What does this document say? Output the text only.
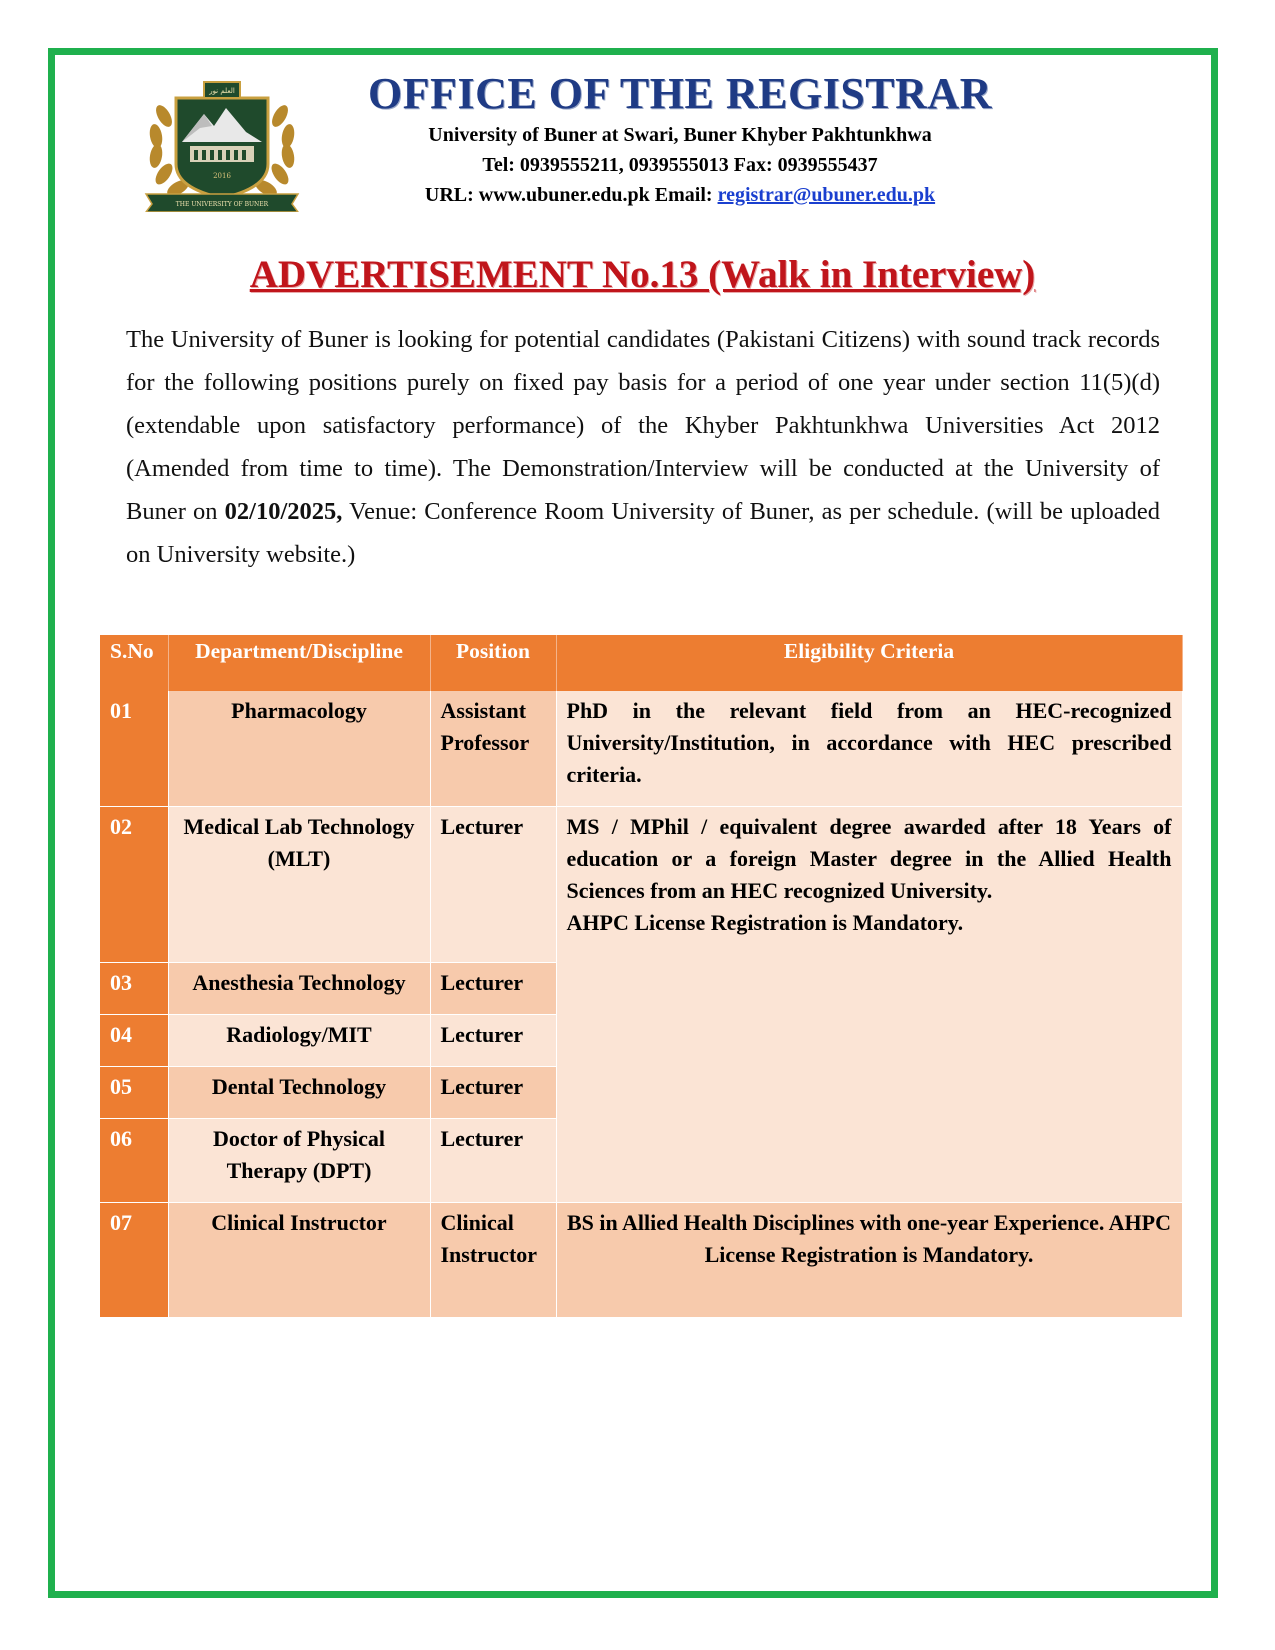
2016
THE UNIVERSITY OF BUNER
العلم نور	OFFICE OF THE REGISTRAR
University of Buner at Swari, Buner Khyber Pakhtunkhwa
Tel: 0939555211, 0939555013 Fax: 0939555437
URL: www.ubuner.edu.pk Email: registrar@ubuner.edu.pk
ADVERTISEMENT No.13 (Walk in Interview)
The University of Buner is looking for potential candidates (Pakistani Citizens) with sound track records for the following positions purely on fixed pay basis for a period of one year under section 11(5)(d) (extendable upon satisfactory performance) of the Khyber Pakhtunkhwa Universities Act 2012 (Amended from time to time). The Demonstration/Interview will be conducted at the University of Buner on 02/10/2025, Venue: Conference Room University of Buner, as per schedule. (will be uploaded on University website.)
S.No	Department/Discipline	Position	Eligibility Criteria
01	Pharmacology	Assistant Professor	PhD in the relevant field from an HEC-recognized University/Institution, in accordance with HEC prescribed criteria.
02	Medical Lab Technology (MLT)	Lecturer	MS / MPhil / equivalent degree awarded after 18 Years of education or a foreign Master degree in the Allied Health Sciences from an HEC recognized University.
AHPC License Registration is Mandatory.

03	Anesthesia Technology	Lecturer	
04	Radiology/MIT	Lecturer	
05	Dental Technology	Lecturer	
06	Doctor of Physical Therapy (DPT)	Lecturer	
07	Clinical Instructor	Clinical Instructor	BS in Allied Health Disciplines with one-year Experience. AHPC License Registration is Mandatory.
